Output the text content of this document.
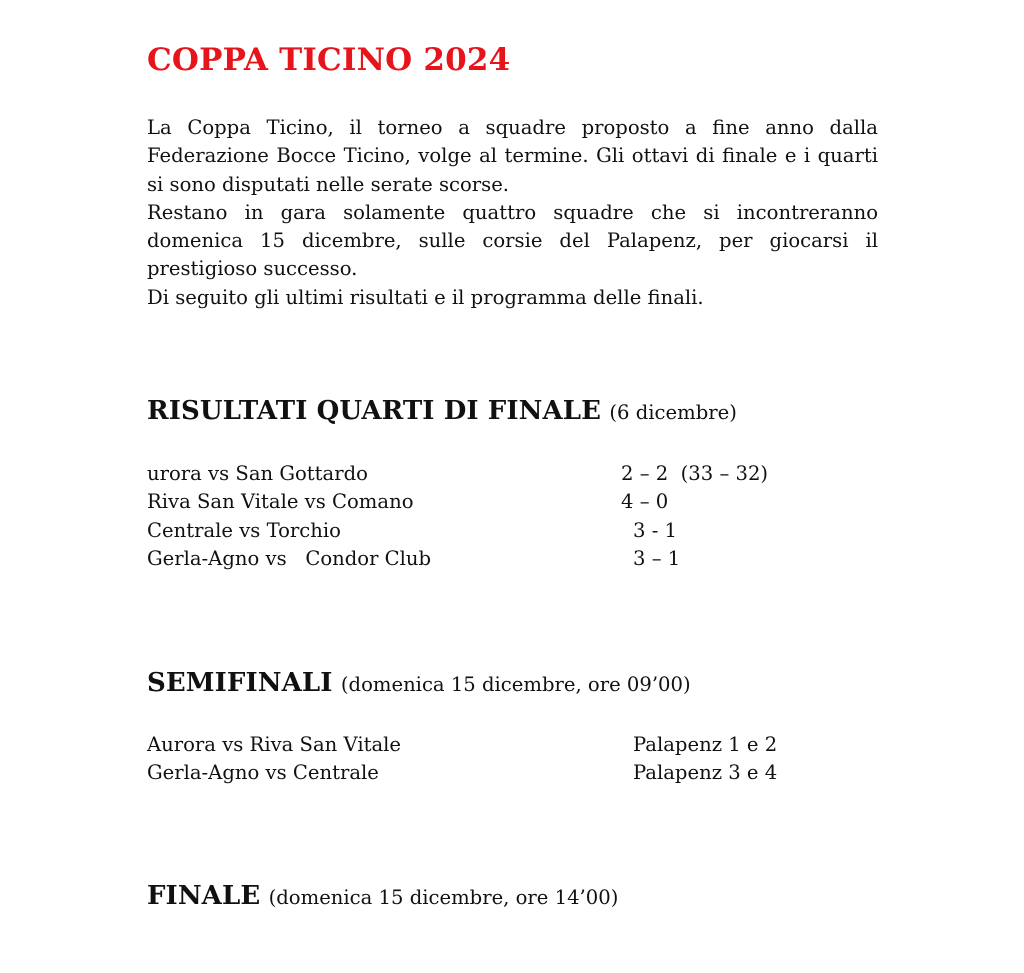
COPPA TICINO 2024

La Coppa Ticino, il torneo a squadre proposto a fine anno dalla Federazione Bocce Ticino, volge al termine. Gli ottavi di finale e i quarti si sono disputati nelle serate scorse.

Restano in gara solamente quattro squadre che si incontreranno domenica 15 dicembre, sulle corsie del Palapenz, per giocarsi il prestigioso successo.

Di seguito gli ultimi risultati e il programma delle finali.

RISULTATI QUARTI DI FINALE (6 dicembre)
urora vs San Gottardo	2 – 2  (33 – 32)
Riva San Vitale vs Comano	4 – 0
Centrale vs Torchio	3 - 1
Gerla-Agno vs   Condor Club	3 – 1
SEMIFINALI (domenica 15 dicembre, ore 09’00)
Aurora vs Riva San Vitale	Palapenz 1 e 2
Gerla-Agno vs Centrale	Palapenz 3 e 4
FINALE (domenica 15 dicembre, ore 14’00)
